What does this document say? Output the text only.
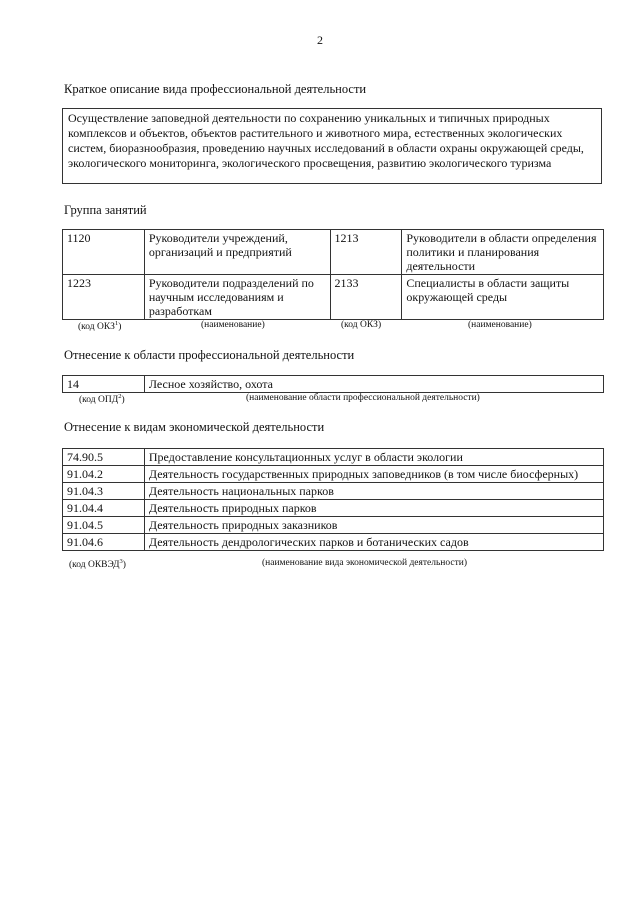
2
Краткое описание вида профессиональной деятельности
Осуществление заповедной деятельности по сохранению уникальных и типичных природных комплексов и объектов, объектов растительного и животного мира, естественных экологических систем, биоразнообразия, проведению научных исследований в области охраны окружающей среды, экологического мониторинга, экологического просвещения, развитию экологического туризма
Группа занятий
1120	Руководители учреждений, организаций и предприятий	1213	Руководители в области определения политики и планирования деятельности
1223	Руководители подразделений по научным исследованиям и разработкам	2133	Специалисты в области защиты окружающей среды
(код ОКЗ$^1$)	(наименование)	(код ОКЗ)	(наименование)
Отнесение к области профессиональной деятельности
14	Лесное хозяйство, охота
(код ОПД$^2$)	(наименование области профессиональной деятельности)
Отнесение к видам экономической деятельности
74.90.5	Предоставление консультационных услуг в области экологии
91.04.2	Деятельность государственных природных заповедников (в том числе биосферных)
91.04.3	Деятельность национальных парков
91.04.4	Деятельность природных парков
91.04.5	Деятельность природных заказников
91.04.6	Деятельность дендрологических парков и ботанических садов
(код ОКВЭД$^3$)	(наименование вида экономической деятельности)
